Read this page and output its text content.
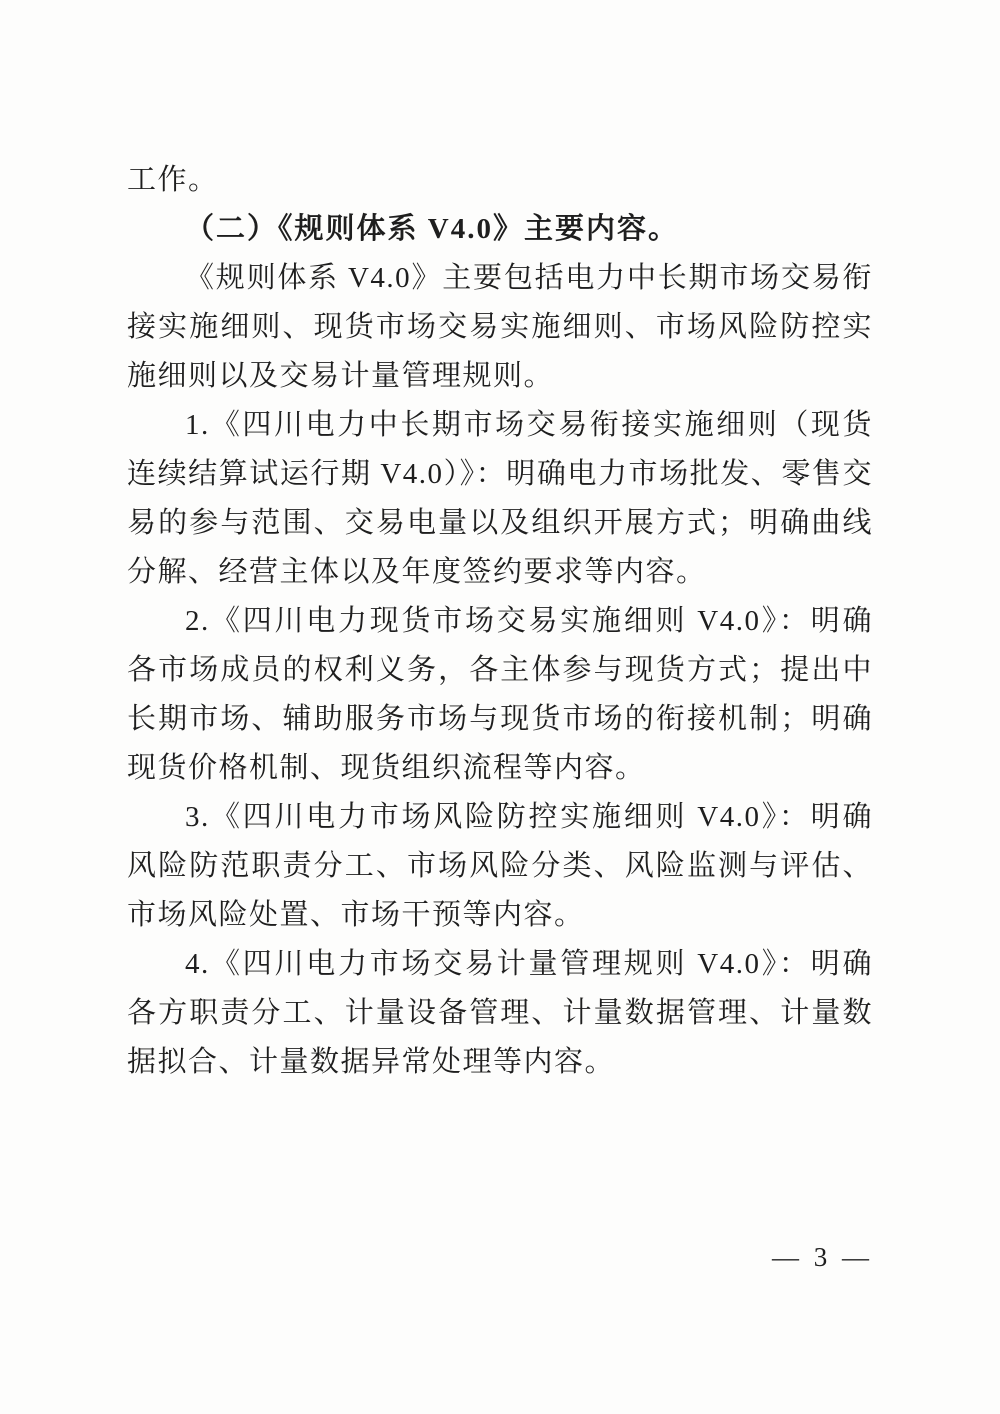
工作。

（二）《规则体系 V4.0》主要内容。

《规则体系 V4.0》主要包括电力中长期市场交易衔接实施细则、现货市场交易实施细则、市场风险防控实施细则以及交易计量管理规则。

1.《四川电力中长期市场交易衔接实施细则（现货连续结算试运行期 V4.0）》：明确电力市场批发、零售交易的参与范围、交易电量以及组织开展方式；明确曲线分解、经营主体以及年度签约要求等内容。

2.《四川电力现货市场交易实施细则 V4.0》：明确各市场成员的权利义务，各主体参与现货方式；提出中长期市场、辅助服务市场与现货市场的衔接机制；明确现货价格机制、现货组织流程等内容。

3.《四川电力市场风险防控实施细则 V4.0》：明确风险防范职责分工、市场风险分类、风险监测与评估、市场风险处置、市场干预等内容。

4.《四川电力市场交易计量管理规则 V4.0》：明确各方职责分工、计量设备管理、计量数据管理、计量数据拟合、计量数据异常处理等内容。

— 3 —
